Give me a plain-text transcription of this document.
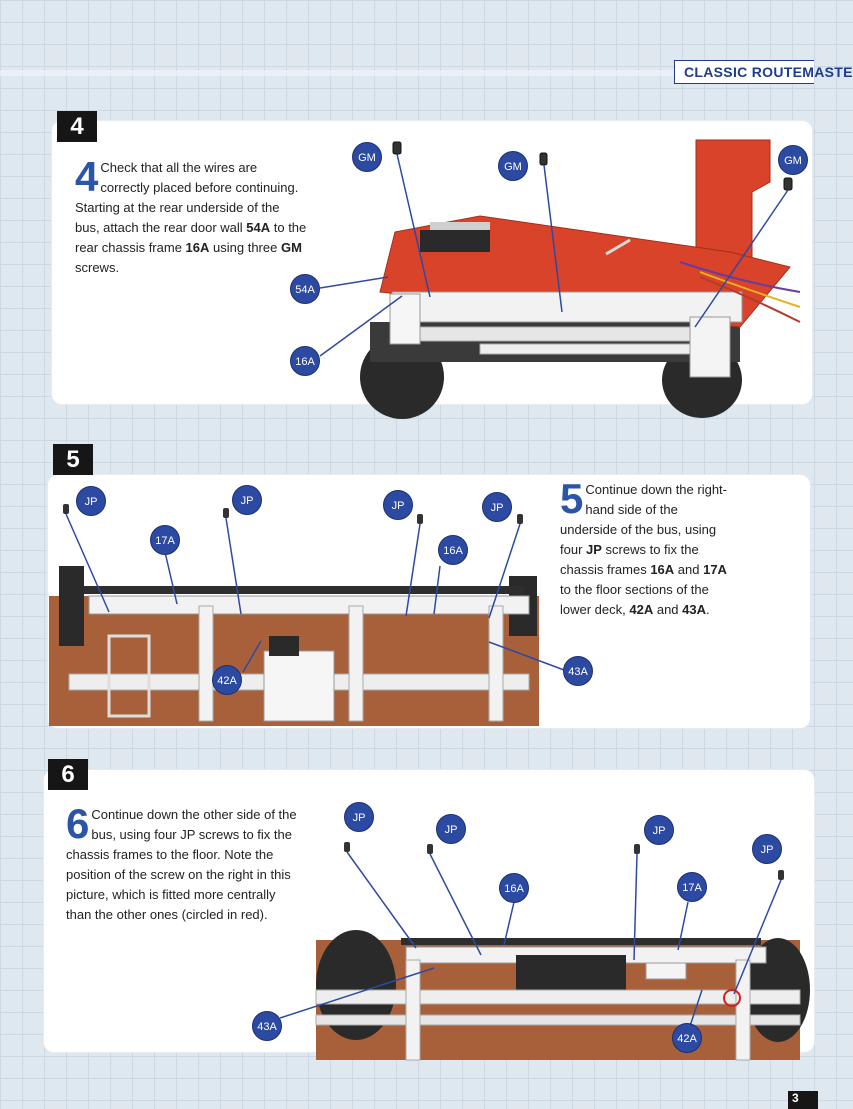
CLASSIC ROUTEMASTE
4
4 Check that all the wires are correctly placed before continuing. Starting at the rear underside of the bus, attach the rear door wall 54A to the rear chassis frame 16A using three GM screws.
GM
GM	GM
54A
16A
5
JP	JP	JP	JP
17A
16A
42A
43A
5 Continue down the right-hand side of the underside of the bus, using four JP screws to fix the chassis frames 16A and 17A to the floor sections of the lower deck, 42A and 43A.
6
6 Continue down the other side of the bus, using four JP screws to fix the chassis frames to the floor. Note the position of the screw on the right in this picture, which is fitted more centrally than the other ones (circled in red).
JP
JP	JP
JP
16A	17A
43A
42A
3
